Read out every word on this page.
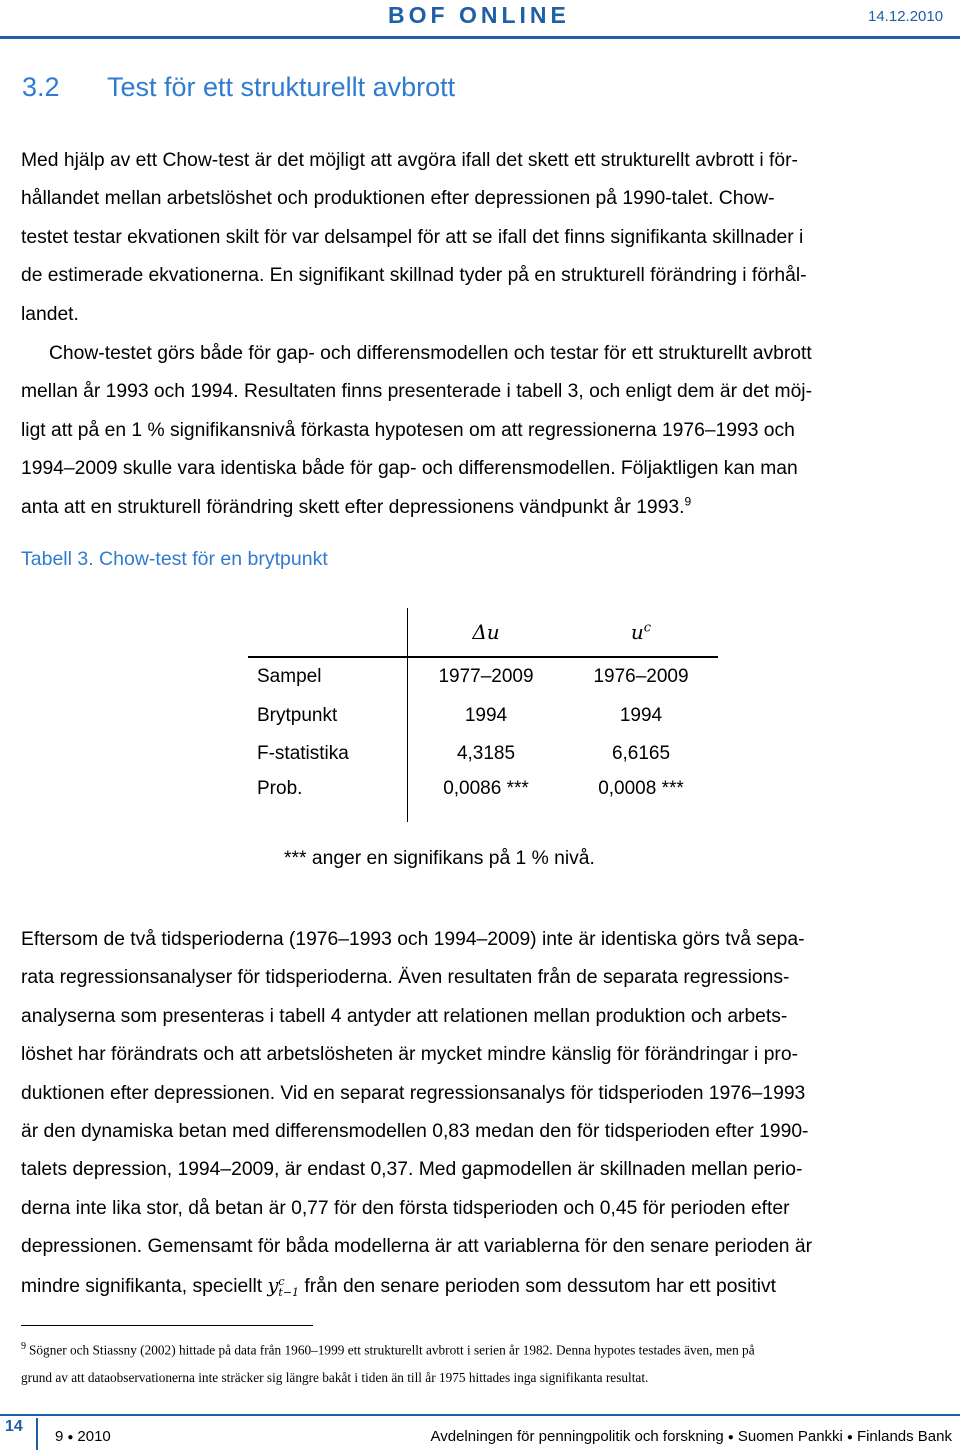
BOF ONLINE	14.12.2010
3.2 Test för ett strukturellt avbrott

Med hjälp av ett Chow-test är det möjligt att avgöra ifall det skett ett strukturellt avbrott i för-
hållandet mellan arbetslöshet och produktionen efter depressionen på 1990-talet. Chow-
testet testar ekvationen skilt för var delsampel för att se ifall det finns signifikanta skillnader i
de estimerade ekvationerna. En signifikant skillnad tyder på en strukturell förändring i förhål-
landet.

Chow-testet görs både för gap- och differensmodellen och testar för ett strukturellt avbrott
mellan år 1993 och 1994. Resultaten finns presenterade i tabell 3, och enligt dem är det möj-
ligt att på en 1 % signifikansnivå förkasta hypotesen om att regressionerna 1976–1993 och
1994–2009 skulle vara identiska både för gap- och differensmodellen. Följaktligen kan man
anta att en strukturell förändring skett efter depressionens vändpunkt år 1993.$^9$

Tabell 3. Chow-test för en brytpunkt
	Δu	$u^c$
Sampel	1977–2009	1976–2009
Brytpunkt	1994	1994
F-statistika	4,3185	6,6165
Prob.	0,0086 ***	0,0008 ***
*** anger en signifikans på 1 % nivå.

Eftersom de två tidsperioderna (1976–1993 och 1994–2009) inte är identiska görs två sepa-
rata regressionsanalyser för tidsperioderna. Även resultaten från de separata regressions-
analyserna som presenteras i tabell 4 antyder att relationen mellan produktion och arbets-
löshet har förändrats och att arbetslösheten är mycket mindre känslig för förändringar i pro-
duktionen efter depressionen. Vid en separat regressionsanalys för tidsperioden 1976–1993
är den dynamiska betan med differensmodellen 0,83 medan den för tidsperioden efter 1990-
talets depression, 1994–2009, är endast 0,37. Med gapmodellen är skillnaden mellan perio-
derna inte lika stor, då betan är 0,77 för den första tidsperioden och 0,45 för perioden efter
depressionen. Gemensamt för båda modellerna är att variablerna för den senare perioden är
mindre signifikanta, speciellt y c
t−1 från den senare perioden som dessutom har ett positivt

$^9$ Sögner och Stiassny (2002) hittade på data från 1960–1999 ett strukturellt avbrott i serien år 1982. Denna hypotes testades även, men på
grund av att dataobservationerna inte sträcker sig längre bakåt i tiden än till år 1975 hittades inga signifikanta resultat.
14
9 ● 2010	Avdelningen för penningpolitik och forskning ● Suomen Pankki ● Finlands Bank
